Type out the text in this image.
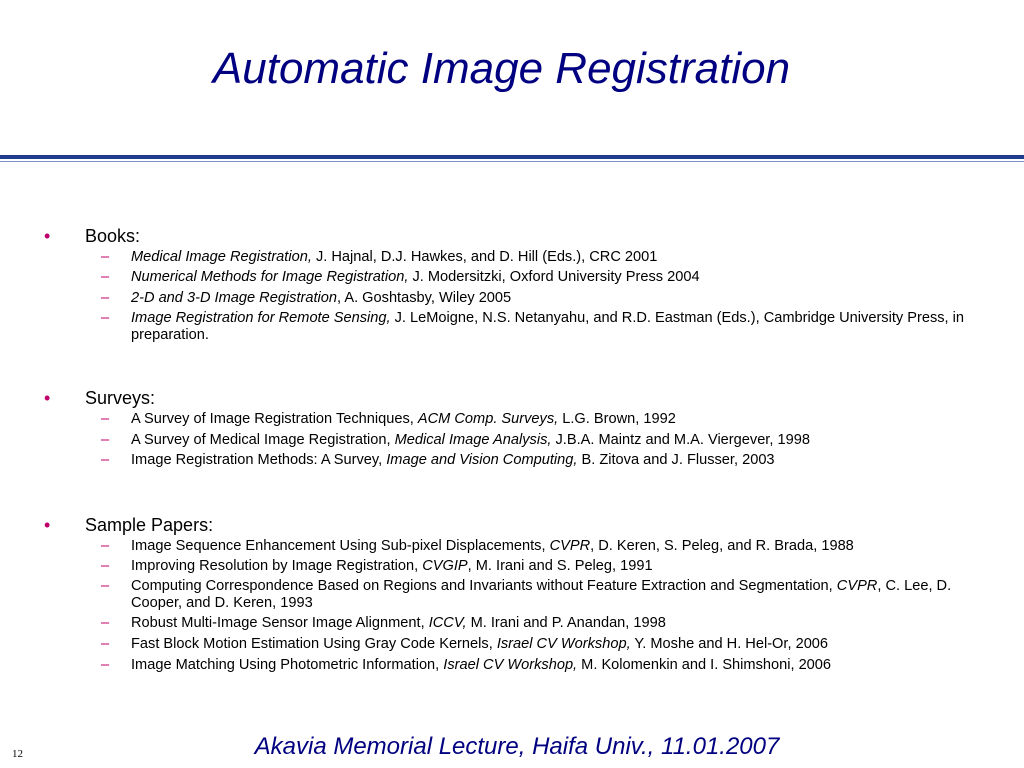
Automatic Image Registration
• Books:
– Medical Image Registration, J. Hajnal, D.J. Hawkes, and D. Hill (Eds.), CRC 2001
– Numerical Methods for Image Registration, J. Modersitzki, Oxford University Press 2004
– 2-D and 3-D Image Registration, A. Goshtasby, Wiley 2005
– Image Registration for Remote Sensing, J. LeMoigne, N.S. Netanyahu, and R.D. Eastman (Eds.), Cambridge University Press, in preparation.
• Surveys:
– A Survey of Image Registration Techniques, ACM Comp. Surveys, L.G. Brown, 1992
– A Survey of Medical Image Registration, Medical Image Analysis, J.B.A. Maintz and M.A. Viergever, 1998
– Image Registration Methods: A Survey, Image and Vision Computing, B. Zitova and J. Flusser, 2003
• Sample Papers:
– Image Sequence Enhancement Using Sub-pixel Displacements, CVPR, D. Keren, S. Peleg, and R. Brada, 1988
– Improving Resolution by Image Registration, CVGIP, M. Irani and S. Peleg, 1991
– Computing Correspondence Based on Regions and Invariants without Feature Extraction and Segmentation, CVPR, C. Lee, D. Cooper, and D. Keren, 1993
– Robust Multi-Image Sensor Image Alignment, ICCV, M. Irani and P. Anandan, 1998
– Fast Block Motion Estimation Using Gray Code Kernels, Israel CV Workshop, Y. Moshe and H. Hel-Or, 2006
– Image Matching Using Photometric Information, Israel CV Workshop, M. Kolomenkin and I. Shimshoni, 2006
Akavia Memorial Lecture, Haifa Univ., 11.01.2007
12
